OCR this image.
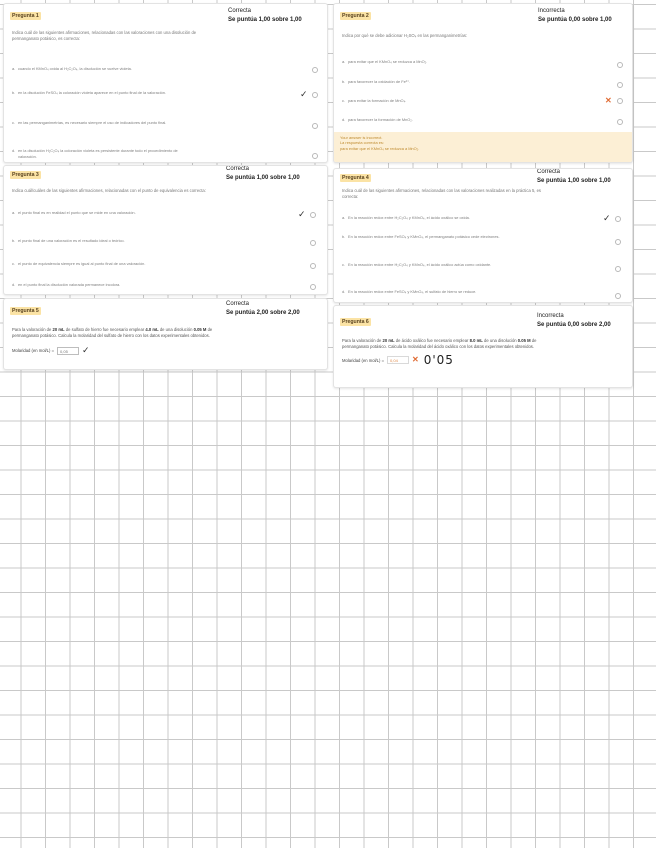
Pregunta 1
Correcta
Se puntúa 1,00 sobre 1,00
Indica cuál de las siguientes afirmaciones, relacionadas con las valoraciones con una disolución de
permanganato potásico, es correcta:
a. cuando el KMnO₄ oxida al H₂C₂O₄, la disolución se vuelve violeta.
b. en la disolución FeSO₄ la coloración violeta aparece en el punto final de la valoración.	✓
c. en las permanganimetrías, es necesario siempre el uso de indicadores del punto final.
d. en la disolución H₂C₂O₄ la coloración violeta es persistente durante todo el procedimiento de
valoración.
Pregunta 2
Incorrecta
Se puntúa 0,00 sobre 1,00
Indica por qué se debe adicionar H₂SO₄ en las permanganimetrías:
a. para evitar que el KMnO₄ se reduzca a MnO₂.
b. para favorecer la oxidación de Fe²⁺.
c. para evitar la formación de MnO₄.	✕
d. para favorecer la formación de MnO₂.
Your answer is incorrect.
La respuesta correcta es:
para evitar que el KMnO₄ se reduzca a MnO₂.
Pregunta 3
Correcta
Se puntúa 1,00 sobre 1,00
Indica cuál/cuáles de las siguientes afirmaciones, relacionadas con el punto de equivalencia es correcta:
a. el punto final es en realidad el punto que se mide en una valoración.	✓
b. el punto final de una valoración es el resultado ideal o teórico.
c. el punto de equivalencia siempre es igual al punto final de una valoración.
d. en el punto final la disolución valorada permanece incolora.
Pregunta 4
Correcta
Se puntúa 1,00 sobre 1,00
Indica cuál de las siguientes afirmaciones, relacionadas con las valoraciones realizadas en la práctica 5, es
correcta:
a. En la reacción redox entre H₂C₂O₄ y KMnO₄, el ácido oxálico se oxida.	✓
b. En la reacción redox entre FeSO₄ y KMnO₄, el permanganato potásico cede electrones.
c. En la reacción redox entre H₂C₂O₄ y KMnO₄, el ácido oxálico actúa como oxidante.
d. En la reacción redox entre FeSO₄ y KMnO₄, el sulfato de hierro se reduce.
Pregunta 5
Correcta
Se puntúa 2,00 sobre 2,00
Para la valoración de 20 mL de sulfato de hierro fue necesario emplear 4.0 mL de una disolución 0.05 M de
permanganato potásico. Calcula la molaridad del sulfato de hierro con los datos experimentales obtenidos.
Molaridad (en mol/L) =	0,05	✓
Pregunta 6
Incorrecta
Se puntúa 0,00 sobre 2,00
Para la valoración de 20 mL de ácido oxálico fue necesario emplear 8.0 mL de una disolución 0.05 M de
permanganato potásico. Calcula la molaridad del ácido oxálico con los datos experimentales obtenidos.
Molaridad (en mol/L) =	0,04	✕ 0'05
